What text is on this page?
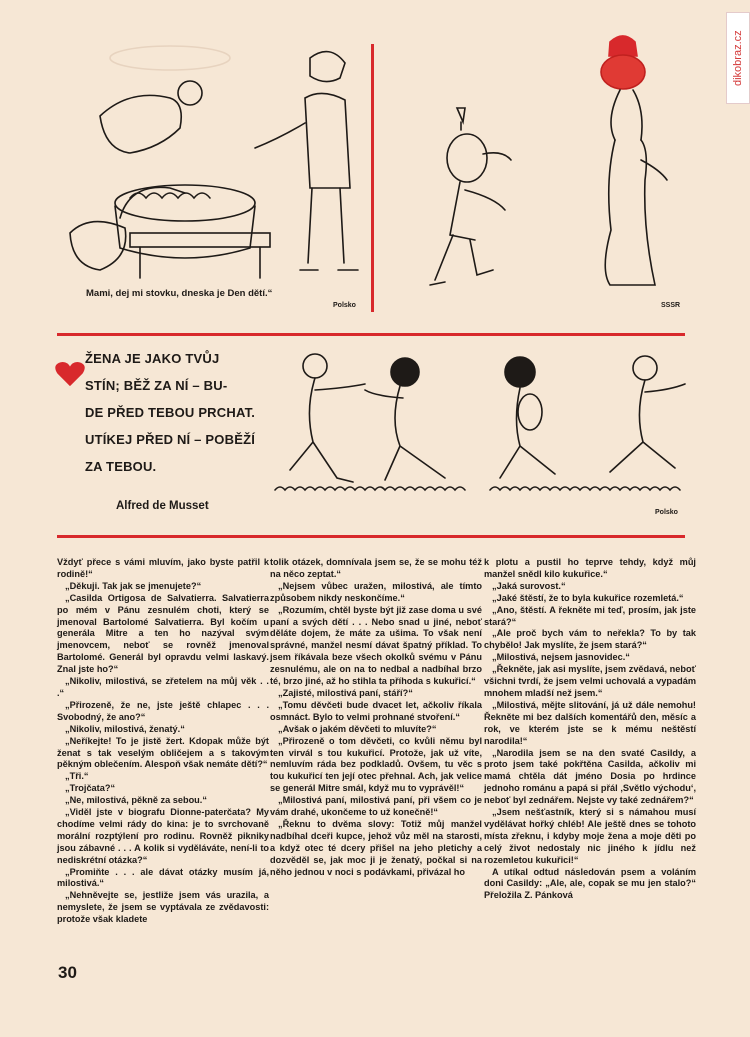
dikobraz.cz
Mami, dej mi stovku, dneska je Den dětí.“
Polsko	SSSR
ŽENA JE JAKO TVŮJ
STÍN; BĚŽ ZA NÍ – BU-
DE PŘED TEBOU PRCHAT.
UTÍKEJ PŘED NÍ – POBĚŽÍ
ZA TEBOU.
Alfred de Musset
Polsko

Vždyť přece s vámi mluvím, jako byste patřil k rodině!“

„Děkuji. Tak jak se jmenujete?“

„Casilda Ortigosa de Salvatierra. Salvatierra po mém v Pánu zesnulém choti, který se jmenoval Bartolomé Salvatierra. Byl kočím u generála Mitre a ten ho nazýval svým jmenovcem, neboť se rovněž jmenoval Bartolomé. Generál byl opravdu velmi laskavý. Znal jste ho?“

„Nikoliv, milostivá, se zřetelem na můj věk . . .“

„Přirozeně, že ne, jste ještě chlapec . . . Svobodný, že ano?“

„Nikoliv, milostivá, ženatý.“

„Neříkejte! To je jistě žert. Kdopak může být ženat s tak veselým obličejem a s takovým pěkným oblečením. Alespoň však nemáte dětí?“

„Tři.“

„Trojčata?“

„Ne, milostivá, pěkně za sebou.“

„Viděl jste v biografu Dionne-paterčata? My chodíme velmi rády do kina: je to svrchovaně morální rozptýlení pro rodinu. Rovněž pikniky jsou zábavné . . . A kolik si vyděláváte, není-li to nediskrétní otázka?“

„Promiňte . . . ale dávat otázky musím já, milostivá.“

„Nehněvejte se, jestliže jsem vás urazila, a nemyslete, že jsem se vyptávala ze zvědavosti: protože však kladete

tolik otázek, domnívala jsem se, že se mohu též na něco zeptat.“

„Nejsem vůbec uražen, milostivá, ale tímto způsobem nikdy neskončíme.“

„Rozumím, chtěl byste být již zase doma u své paní a svých dětí . . . Nebo snad u jiné, neboť děláte dojem, že máte za ušima. To však není správné, manžel nesmí dávat špatný příklad. To jsem říkávala beze všech okolků svému v Pánu zesnulému, ale on na to nedbal a nadbíhal brzo té, brzo jiné, až ho stihla ta příhoda s kukuřicí.“

„Zajisté, milostivá paní, stáří?“

„Tomu děvčeti bude dvacet let, ačkoliv říkala osmnáct. Bylo to velmi prohnané stvoření.“

„Avšak o jakém děvčeti to mluvíte?“

„Přirozeně o tom děvčeti, co kvůli němu byl ten virvál s tou kukuřicí. Protože, jak už víte, nemluvím ráda bez podkladů. Ovšem, tu věc s tou kukuřicí ten její otec přehnal. Ach, jak velice se generál Mitre smál, když mu to vyprávěl!“

„Milostivá paní, milostivá paní, při všem co je vám drahé, ukončeme to už konečně!“

„Řeknu to dvěma slovy: Totiž můj manžel nadbíhal dceři kupce, jehož vůz měl na starosti, a když otec té dcery přišel na jeho pletichy a dozvěděl se, jak moc ji je ženatý, počkal si na něho jednou v noci s podávkami, přivázal ho

k plotu a pustil ho teprve tehdy, když můj manžel snědl kilo kukuřice.“

„Jaká surovost.“

„Jaké štěstí, že to byla kukuřice rozemletá.“

„Ano, štěstí. A řekněte mi teď, prosím, jak jste stará?“

„Ale proč bych vám to neřekla? To by tak chybělo! Jak myslíte, že jsem stará?“

„Milostivá, nejsem jasnovidec.“

„Řekněte, jak asi myslíte, jsem zvědavá, neboť všichni tvrdí, že jsem velmi uchovalá a vypadám mnohem mladší než jsem.“

„Milostivá, mějte slitování, já už dále nemohu! Řekněte mi bez dalších komentářů den, měsíc a rok, ve kterém jste se k mému neštěstí narodila!“

„Narodila jsem se na den svaté Casildy, a proto jsem také pokřtěna Casilda, ačkoliv mi mamá chtěla dát jméno Dosia po hrdince jednoho románu a papá si přál ‚Světlo východu‘, neboť byl zednářem. Nejste vy také zednářem?“

„Jsem nešťastník, který si s námahou musí vydělávat hořký chléb! Ale ještě dnes se tohoto místa zřeknu, i kdyby moje žena a moje děti po celý život nedostaly nic jiného k jídlu než rozemletou kukuřici!“

A utíkal odtud následován psem a voláním doni Casildy: „Ale, ale, copak se mu jen stalo?“ Přeložila Z. Pánková

30
